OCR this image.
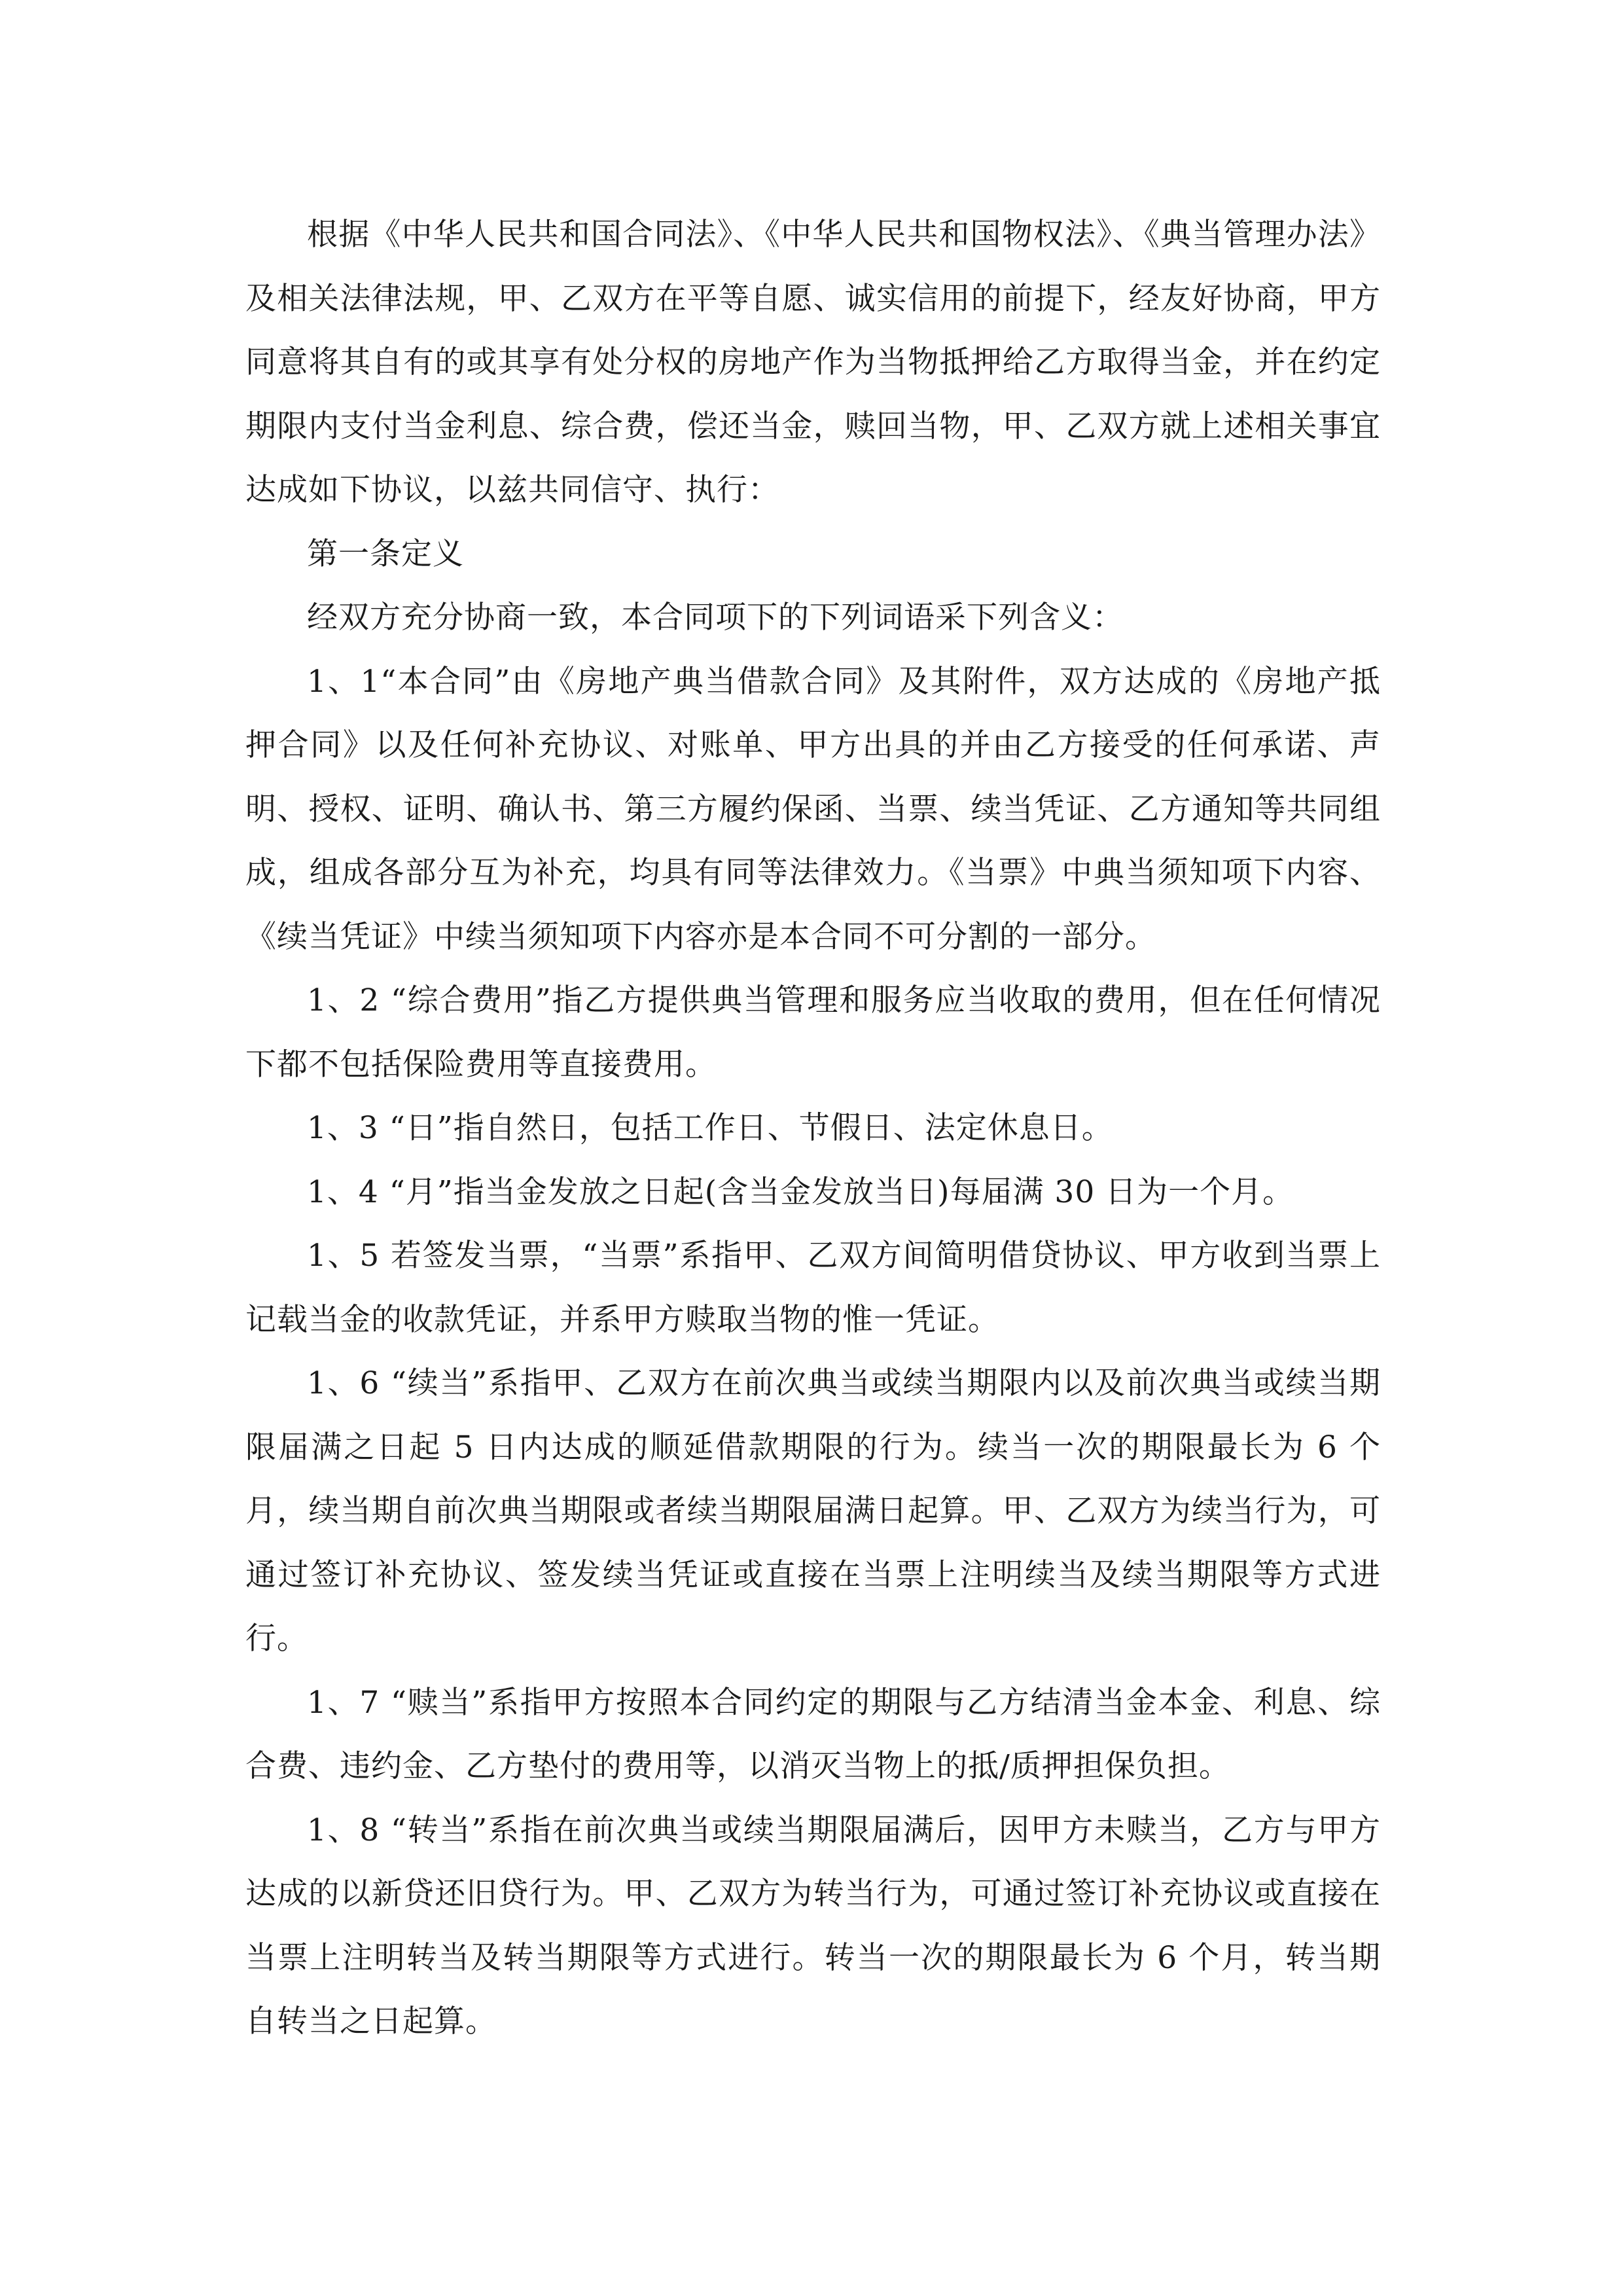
根据《中华人民共和国合同法》、《中华人民共和国物权法》、《典当管理办法》及相关法律法规，甲、乙双方在平等自愿、诚实信用的前提下，经友好协商，甲方同意将其自有的或其享有处分权的房地产作为当物抵押给乙方取得当金，并在约定期限内支付当金利息、综合费，偿还当金，赎回当物，甲、乙双方就上述相关事宜达成如下协议，以兹共同信守、执行：

第一条定义

经双方充分协商一致，本合同项下的下列词语采下列含义：

1、1“本合同”由《房地产典当借款合同》及其附件，双方达成的《房地产抵押合同》以及任何补充协议、对账单、甲方出具的并由乙方接受的任何承诺、声明、授权、证明、确认书、第三方履约保函、当票、续当凭证、乙方通知等共同组成，组成各部分互为补充，均具有同等法律效力。《当票》中典当须知项下内容、《续当凭证》中续当须知项下内容亦是本合同不可分割的一部分。

1、2 “综合费用”指乙方提供典当管理和服务应当收取的费用，但在任何情况下都不包括保险费用等直接费用。

1、3 “日”指自然日，包括工作日、节假日、法定休息日。

1、4 “月”指当金发放之日起(含当金发放当日)每届满 30 日为一个月。

1、5 若签发当票，“当票”系指甲、乙双方间简明借贷协议、甲方收到当票上记载当金的收款凭证，并系甲方赎取当物的惟一凭证。

1、6 “续当”系指甲、乙双方在前次典当或续当期限内以及前次典当或续当期限届满之日起 5 日内达成的顺延借款期限的行为。续当一次的期限最长为 6 个月，续当期自前次典当期限或者续当期限届满日起算。甲、乙双方为续当行为，可通过签订补充协议、签发续当凭证或直接在当票上注明续当及续当期限等方式进行。

1、7 “赎当”系指甲方按照本合同约定的期限与乙方结清当金本金、利息、综合费、违约金、乙方垫付的费用等，以消灭当物上的抵/质押担保负担。

1、8 “转当”系指在前次典当或续当期限届满后，因甲方未赎当，乙方与甲方达成的以新贷还旧贷行为。甲、乙双方为转当行为，可通过签订补充协议或直接在当票上注明转当及转当期限等方式进行。转当一次的期限最长为 6 个月，转当期自转当之日起算。
